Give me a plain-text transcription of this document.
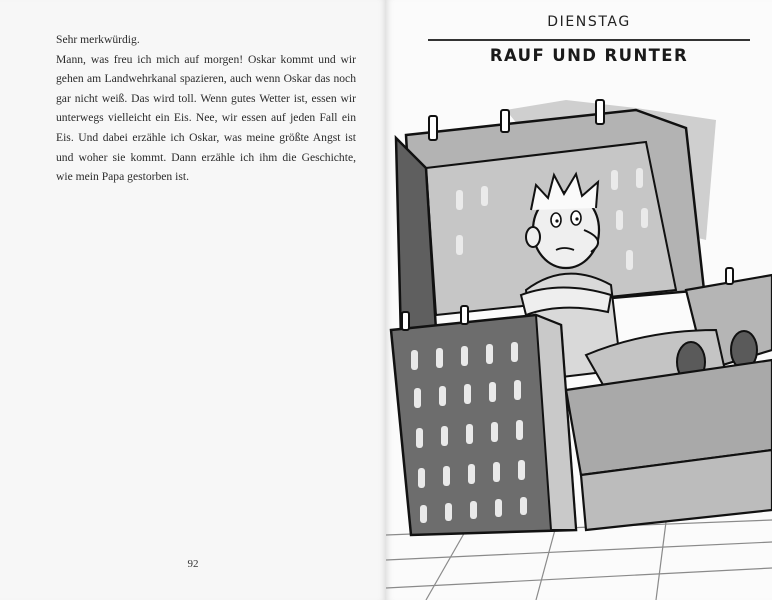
Sehr merkwürdig.

Mann, was freu ich mich auf morgen! Oskar kommt und wir gehen am Landwehrkanal spazieren, auch wenn Oskar das noch gar nicht weiß. Das wird toll. Wenn gutes Wetter ist, essen wir unterwegs vielleicht ein Eis. Nee, wir essen auf jeden Fall ein Eis. Und dabei erzähle ich Oskar, was meine größte Angst ist und woher sie kommt. Dann erzähle ich ihm die Geschichte, wie mein Papa gestorben ist.

92
DIENSTAG
RAUF UND RUNTER
